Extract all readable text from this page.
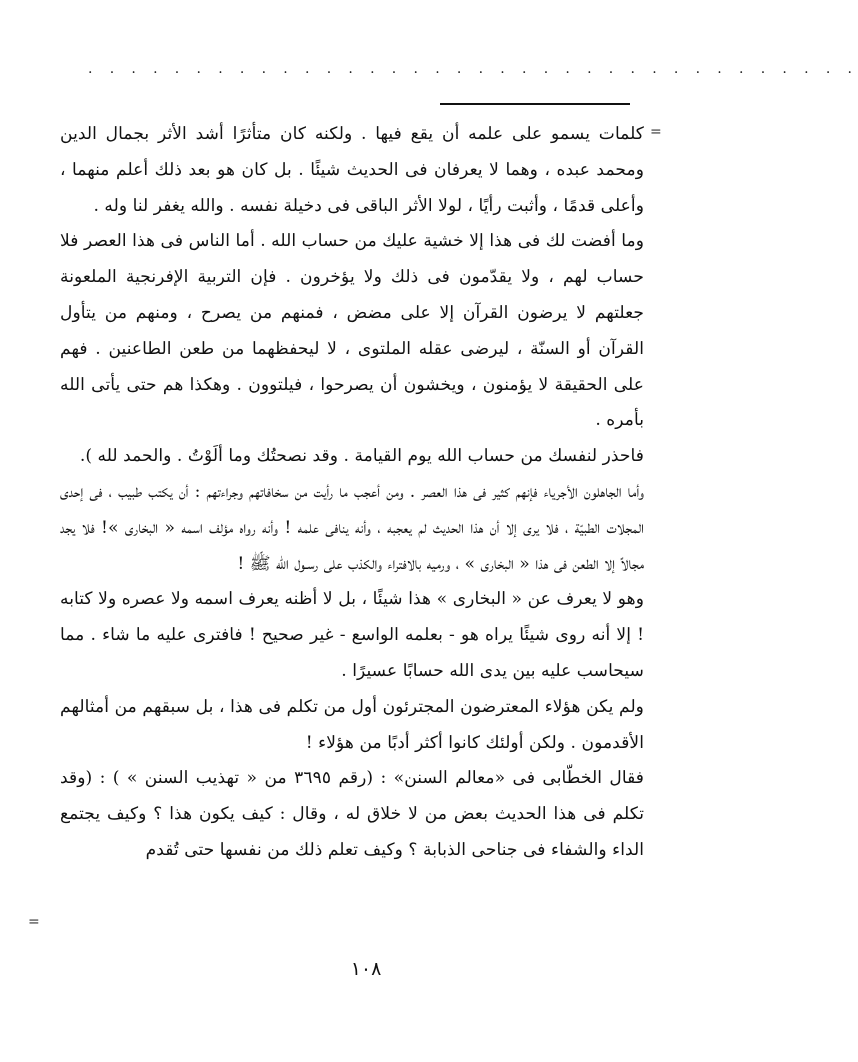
. . . . . . . . . . . . . . . . . . . . . . . . . . . . . . . . . . . .
=

كلمات يسمو على علمه أن يقع فيها . ولكنه كان متأثرًا أشد الأثر بجمال الدين ومحمد عبده ، وهما لا يعرفان فى الحديث شيئًا . بل كان هو بعد ذلك أعلم منهما ، وأعلى قدمًا ، وأثبت رأيًا ، لولا الأثر الباقى فى دخيلة نفسه . والله يغفر لنا وله .

وما أفضت لك فى هذا إلا خشية عليك من حساب الله . أما الناس فى هذا العصر فلا حساب لهم ، ولا يقدّمون فى ذلك ولا يؤخرون . فإن التربية الإفرنجية الملعونة جعلتهم لا يرضون القرآن إلا على مضض ، فمنهم من يصرح ، ومنهم من يتأول القرآن أو السنّة ، ليرضى عقله الملتوى ، لا ليحفظهما من طعن الطاعنين . فهم على الحقيقة لا يؤمنون ، ويخشون أن يصرحوا ، فيلتوون . وهكذا هم حتى يأتى الله بأمره .

فاحذر لنفسك من حساب الله يوم القيامة . وقد نصحتُك وما ألَوْتُ . والحمد لله ).

وأما الجاهلون الأجرياء فإنهم كثير فى هذا العصر . ومن أعجب ما رأيت من سخافاتهم وجراءتهم : أن يكتب طبيب ، فى إحدى المجلات الطبيّة ، فلا يرى إلا أن هذا الحديث لم يعجبه ، وأنه ينافى علمه ! وأنه رواه مؤلف اسمه « البخارى »! فلا يجد مجالاً إلا الطعن فى هذا « البخارى » ، ورميه بالافتراء والكذب على رسـول الله ﷺ !

وهو لا يعرف عن « البخارى » هذا شيئًا ، بل لا أظنه يعرف اسمه ولا عصره ولا كتابه ! إلا أنه روى شيئًا يراه هو - بعلمه الواسع - غير صحيح ! فافترى عليه ما شاء . مما سيحاسب عليه بين يدى الله حسابًا عسيرًا .

ولم يكن هؤلاء المعترضون المجترئون أول من تكلم فى هذا ، بل سبقهم من أمثالهم الأقدمون . ولكن أولئك كانوا أكثر أدبًا من هؤلاء !

فقال الخطّابى فى «معالم السنن» : (رقم ٣٦٩٥ من « تهذيب السنن » ) : (وقد تكلم فى هذا الحديث بعض من لا خلاق له ، وقال : كيف يكون هذا ؟ وكيف يجتمع الداء والشفاء فى جناحى الذبابة ؟ وكيف تعلم ذلك من نفسها حتى تُقدم

=
١٠٨
